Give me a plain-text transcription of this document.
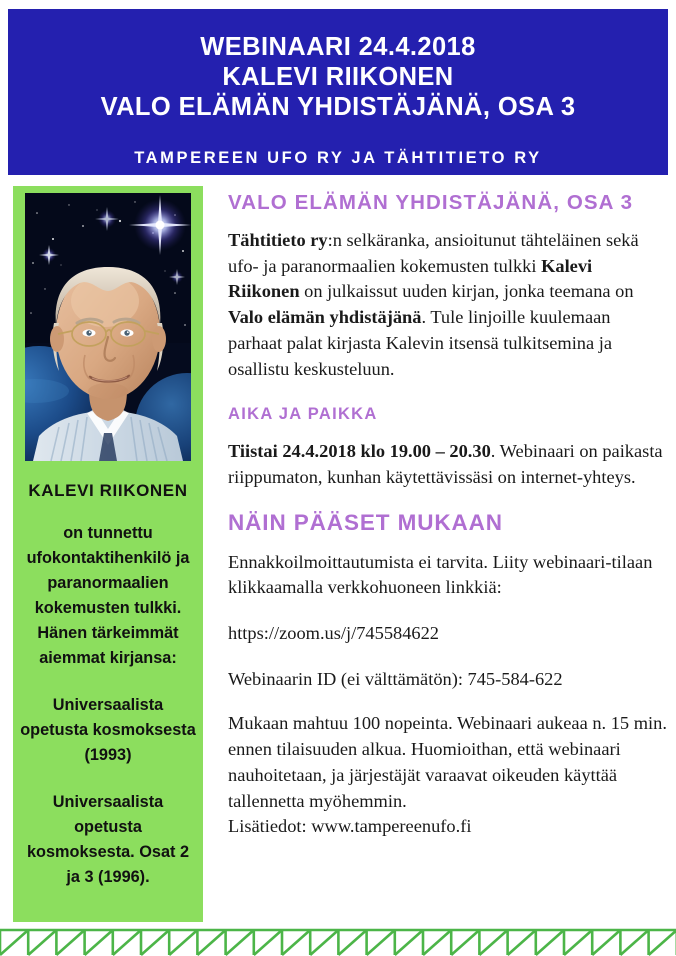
WEBINAARI 24.4.2018
KALEVI RIIKONEN
VALO ELÄMÄN YHDISTÄJÄNÄ, OSA 3
TAMPEREEN UFO RY JA TÄHTITIETO RY
KALEVI RIIKONEN
on tunnettu ufokontaktihenkilö ja paranormaalien kokemusten tulkki. Hänen tärkeimmät aiemmat kirjansa:
Universaalista opetusta kosmoksesta (1993)
Universaalista opetusta kosmoksesta. Osat 2 ja 3 (1996).
VALO ELÄMÄN YHDISTÄJÄNÄ, OSA 3
Tähtitieto ry:n selkäranka, ansioitunut tähteläinen sekä ufo- ja paranormaalien kokemusten tulkki Kalevi Riikonen on julkaissut uuden kirjan, jonka teemana on Valo elämän yhdistäjänä. Tule linjoille kuulemaan parhaat palat kirjasta Kalevin itsensä tulkitsemina ja osallistu keskusteluun.
AIKA JA PAIKKA
Tiistai 24.4.2018 klo 19.00 – 20.30. Webinaari on paikasta riippumaton, kunhan käytettävissäsi on internet-yhteys.
NÄIN PÄÄSET MUKAAN
Ennakkoilmoittautumista ei tarvita. Liity webinaari-tilaan klikkaamalla verkkohuoneen linkkiä:
https://zoom.us/j/745584622
Webinaarin ID (ei välttämätön): 745-584-622
Mukaan mahtuu 100 nopeinta. Webinaari aukeaa n. 15 min. ennen tilaisuuden alkua. Huomioithan, että webinaari nauhoitetaan, ja järjestäjät varaavat oikeuden käyttää tallennetta myöhemmin.
Lisätiedot: www.tampereenufo.fi
